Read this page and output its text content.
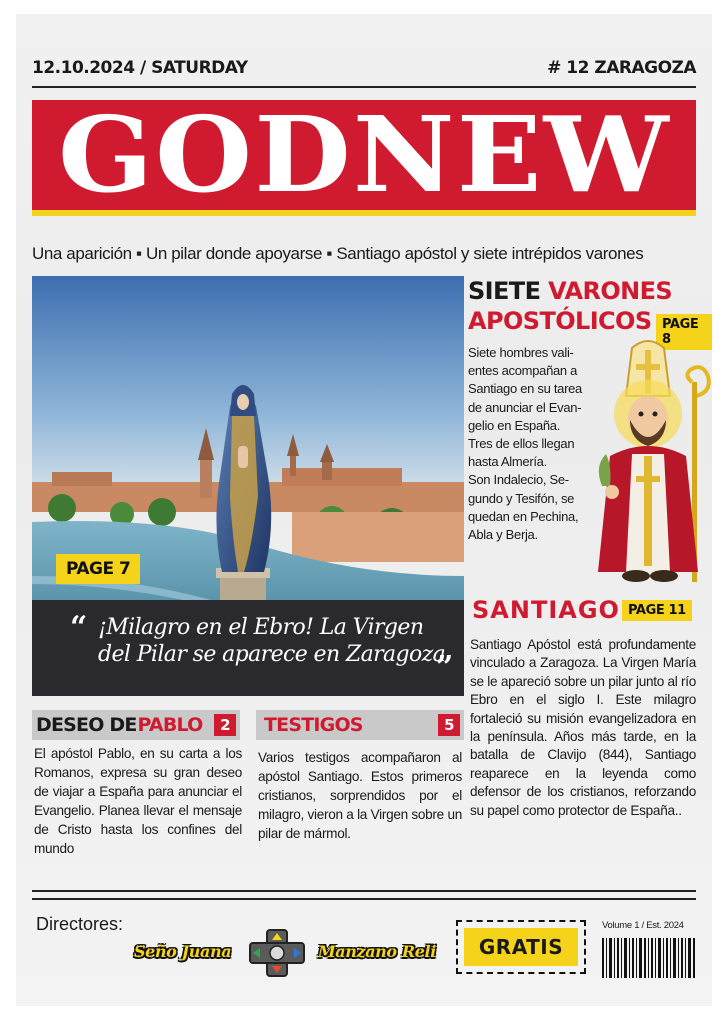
12.10.2024 / SATURDAY	# 12 ZARAGOZA
GODNEW
Una aparición ▪ Un pilar donde apoyarse ▪ Santiago apóstol y siete intrépidos varones
PAGE 7
“ ¡Milagro en el Ebro! La Virgen del Pilar se aparece en Zaragoza

”
SIETE VARONES
APOSTÓLICOS PAGE 8
Siete hombres vali-
entes acompañan a
Santiago en su tarea
de anunciar el Evan-
gelio en España.
Tres de ellos llegan
hasta Almería.
Son Indalecio, Se-
gundo y Tesifón, se
quedan en Pechina,
Abla y Berja.
SANTIAGO PAGE 11

Santiago Apóstol está profundamente vinculado a Zaragoza. La Virgen María se le apareció sobre un pilar junto al río Ebro en el siglo I. Este milagro fortaleció su misión evangelizadora en la península. Años más tarde, en la batalla de Clavijo (844), Santiago reaparece en la leyenda como defensor de los cristianos, reforzando su papel como protector de España..

DESEO DE PABLO	2

El apóstol Pablo, en su carta a los Romanos, expresa su gran deseo de viajar a España para anunciar el Evangelio. Planea llevar el mensaje de Cristo hasta los confines del mundo

TESTIGOS	5

Varios testigos acompañaron al apóstol Santiago. Estos primeros cristianos, sorprendidos por el milagro, vieron a la Virgen sobre un pilar de mármol.

Directores:
Seño Juana	Manzano Reli	GRATIS
Volume 1 / Est. 2024
